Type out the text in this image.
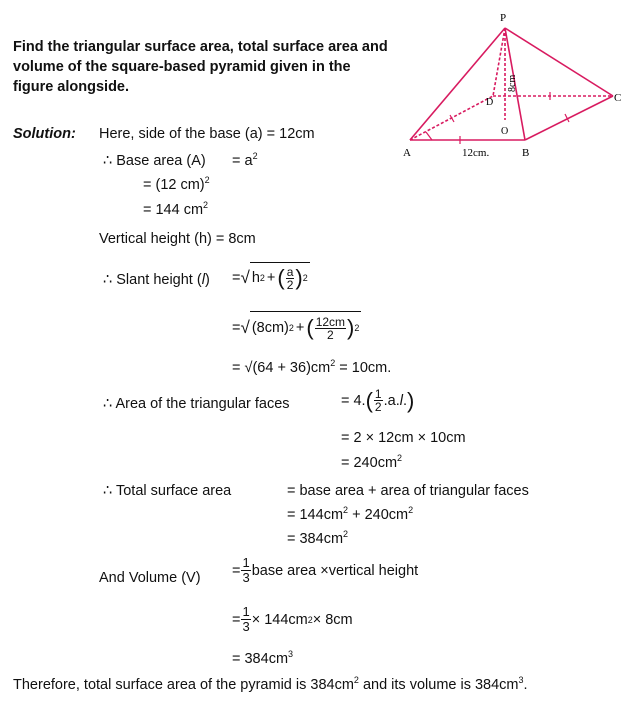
Find the triangular surface area, total surface area and volume of the square-based pyramid given in the figure alongside.
P
A	B
C
D
O
12cm.
8cm
Solution: Here, side of the base (a) = 12cm
∴ Base area $(A) = a^2$
= (12 cm)$^2$
= 144 $cm^2$
Vertical height (h) = 8cm
∴ Slant height (l) = √ h 2 + ( $\frac{a}{2}$ ) 2
= √ (8cm) 2 + ( $\frac{12cm}{2}$ ) 2
= $√(64 + 36)cm^2 = 10cm$.
∴ Area of the triangular faces	= 4. ( $\frac{1}{2} .a$. l . )
= 2 × 12cm × 10cm
= $240cm^2$
∴ Total surface area	= base area + area of triangular faces
= $144cm^2 + 240cm^2$
= $384cm^2$
And Volume $(V) = \frac{1}{3}$ base area ×vertical height
= $\frac{1}{3} \times 144cm$ 2 × 8cm
= $384cm^3$
Therefore, total surface area of the pyramid is $384cm^2$ and its volume is $384cm^3$.
